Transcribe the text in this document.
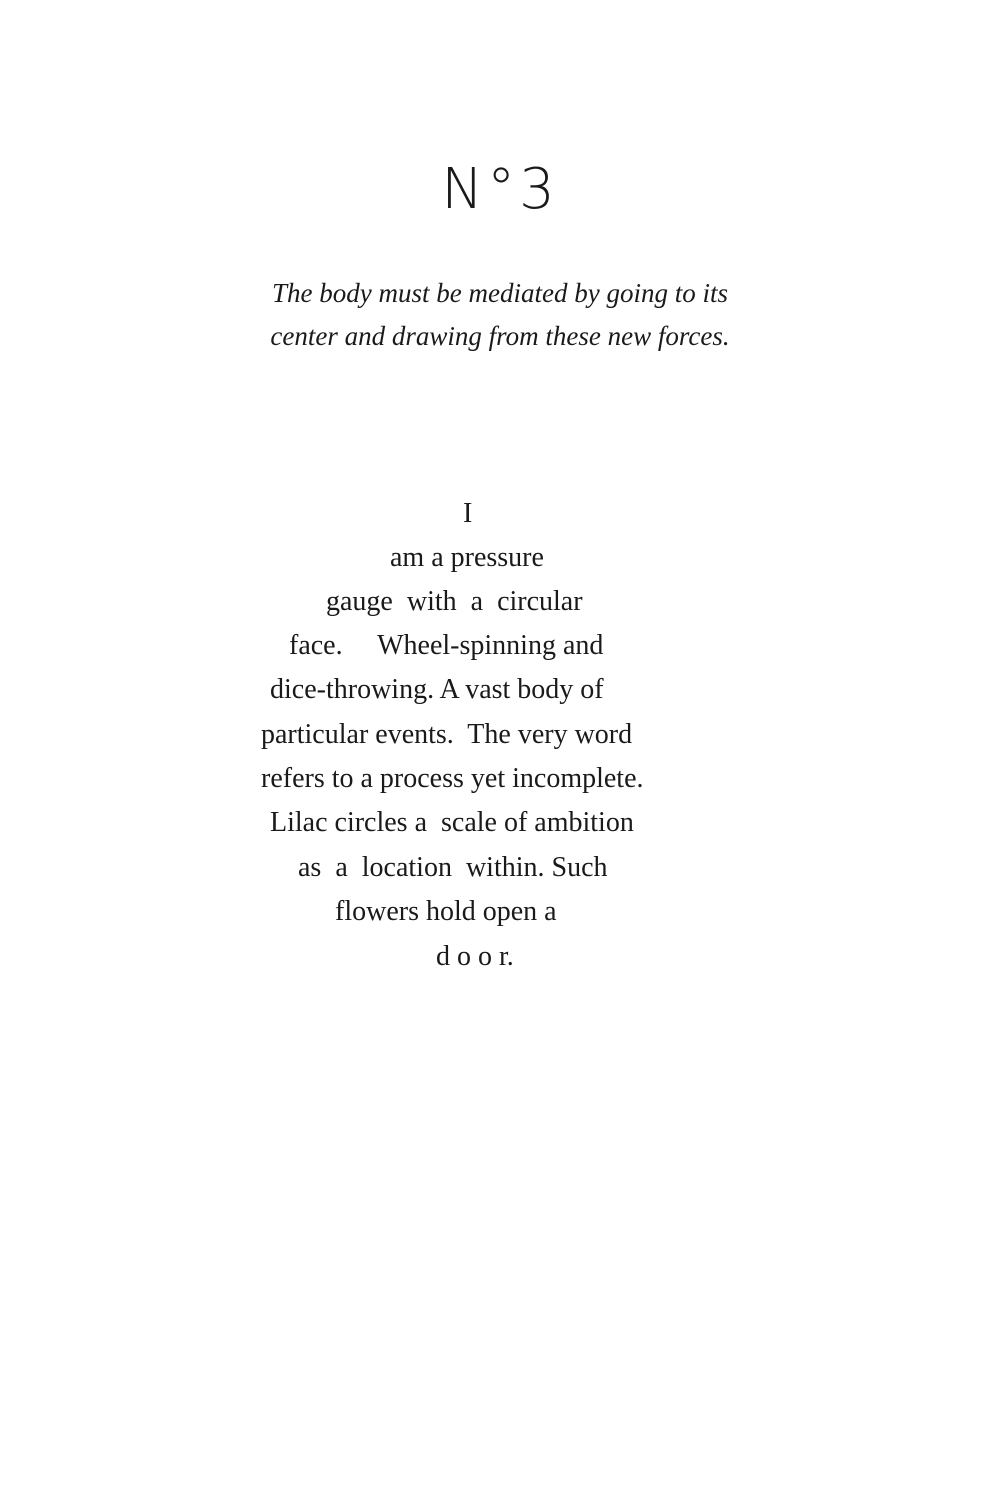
N°3
The body must be mediated by going to its
center and drawing from these new forces.
I
am a pressure
gauge  with  a  circular
face.     Wheel-spinning and
dice-throwing. A vast body of
particular events.  The very word
refers to a process yet incomplete.
Lilac circles a  scale of ambition
as  a  location  within. Such
flowers hold open a
d o o r.
